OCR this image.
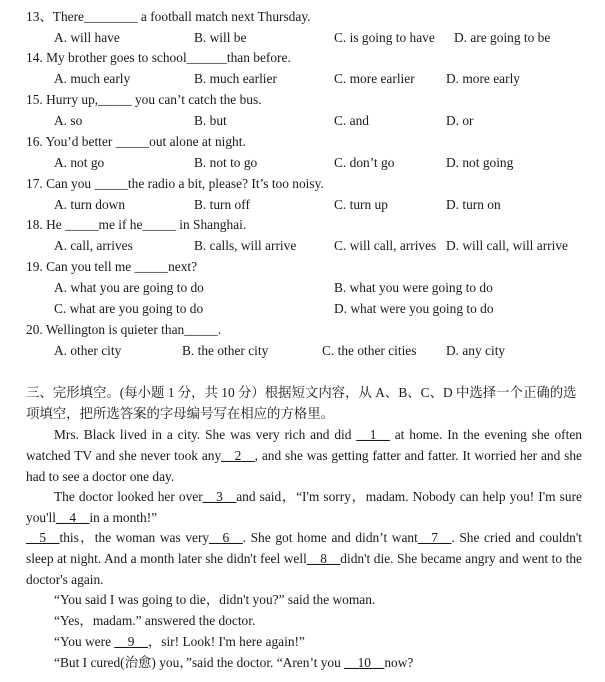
13、There________ a football match next Thursday.
A. will have	B. will be	C. is going to have D. are going to be
14. My brother goes to school______than before.
A. much early	B. much earlier	C. more earlier D. more early
15. Hurry up,_____ you can’t catch the bus.
A. so	B. but	C. and	D. or
16. You’d better _____out alone at night.
A. not go	B. not to go	C. don’t go	D. not going
17. Can you _____the radio a bit, please? It’s too noisy.
A. turn down	B. turn off	C. turn up	D. turn on
18. He _____me if he_____ in Shanghai.
A. call, arrives	B. calls, will arrive	C. will call, arrives D. will call, will arrive
19. Can you tell me _____next?
A. what you are going to do	B. what you were going to do
C. what are you going to do	D. what were you going to do
20. Wellington is quieter than_____.
A. other city	B. the other city	C. the other cities D. any city
三、完形填空。(每小题 1 分，共 10 分）根据短文内容，从 A、B、C、D 中选择一个正确的选项填空，把所选答案的字母编号写在相应的方格里。
Mrs. Black lived in a city. She was very rich and did __1__ at home. In the evening she often watched TV and she never took any__2__, and she was getting fatter and fatter. It worried her and she had to see a doctor one day.
The doctor looked her over__3__and said，“I'm sorry，madam. Nobody can help you! I'm sure you'll__4__in a month!”
__5__this，the woman was very__6__. She got home and didn’t want__7__. She cried and couldn't sleep at night. And a month later she didn't feel well__8__didn't die. She became angry and went to the doctor's again.
“You said I was going to die，didn't you?” said the woman.
“Yes，madam.” answered the doctor.
“You were __9__，sir! Look! I'm here again!”
“But I cured(治愈) you，”said the doctor. “Aren’t you __10__now?
